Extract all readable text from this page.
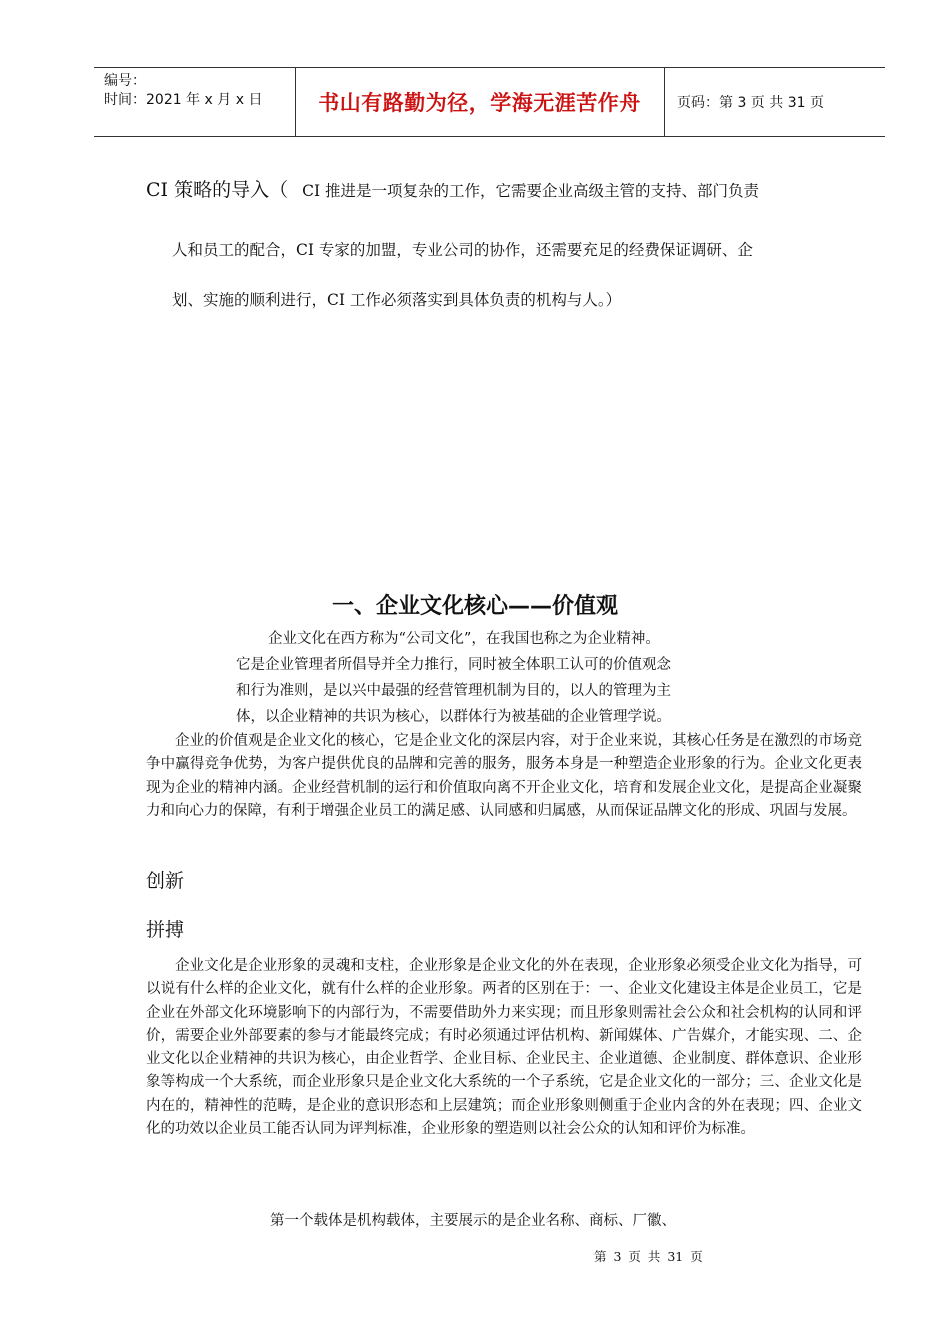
编号：
时间：2021 年 x 月 x 日	书山有路勤为径，学海无涯苦作舟	页码：第 3 页 共 31 页
CI 策略的导入（ CI 推进是一项复杂的工作，它需要企业高级主管的支持、部门负责
人和员工的配合，CI 专家的加盟，专业公司的协作，还需要充足的经费保证调研、企
划、实施的顺利进行，CI 工作必须落实到具体负责的机构与人。）
一、企业文化核心——价值观
企业文化在西方称为“公司文化”，在我国也称之为企业精神。
它是企业管理者所倡导并全力推行，同时被全体职工认可的价值观念
和行为准则，是以兴中最强的经营管理机制为目的，以人的管理为主
体，以企业精神的共识为核心，以群体行为被基础的企业管理学说。
企业的价值观是企业文化的核心，它是企业文化的深层内容，对于企业来说，其核心任务是在激烈的市场竞争中赢得竞争优势，为客户提供优良的品牌和完善的服务，服务本身是一种塑造企业形象的行为。企业文化更表现为企业的精神内涵。企业经营机制的运行和价值取向离不开企业文化，培育和发展企业文化，是提高企业凝聚力和向心力的保障，有利于增强企业员工的满足感、认同感和归属感，从而保证品牌文化的形成、巩固与发展。
创新
拼搏
企业文化是企业形象的灵魂和支柱，企业形象是企业文化的外在表现，企业形象必须受企业文化为指导，可以说有什么样的企业文化，就有什么样的企业形象。两者的区别在于：一、企业文化建设主体是企业员工，它是企业在外部文化环境影响下的内部行为，不需要借助外力来实现；而且形象则需社会公众和社会机构的认同和评价，需要企业外部要素的参与才能最终完成；有时必须通过评估机构、新闻媒体、广告媒介，才能实现、二、企业文化以企业精神的共识为核心，由企业哲学、企业目标、企业民主、企业道德、企业制度、群体意识、企业形象等构成一个大系统，而企业形象只是企业文化大系统的一个子系统，它是企业文化的一部分；三、企业文化是内在的，精神性的范畴，是企业的意识形态和上层建筑；而企业形象则侧重于企业内含的外在表现；四、企业文化的功效以企业员工能否认同为评判标准，企业形象的塑造则以社会公众的认知和评价为标准。
第一个载体是机构载体，主要展示的是企业名称、商标、厂徽、
第 3 页 共 31 页
